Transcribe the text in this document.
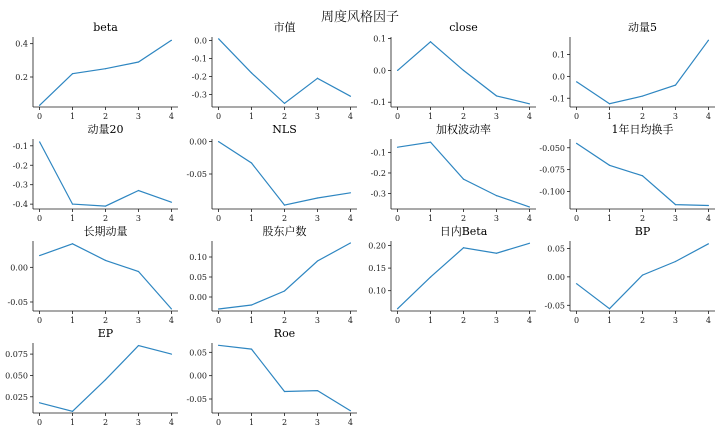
周度风格因子
beta
0	1	2	3	4
0.2
0.4
市值
0	1	2	3	4
0.0
-0.1
-0.2
-0.3
close
0	1	2	3	4
0.1
0.0
-0.1
动量5
0	1	2	3	4
0.1
0.0
-0.1
动量20
0	1	2	3	4
-0.1
-0.2
-0.3
-0.4
NLS
0	1	2	3	4
0.00
-0.05
加权波动率
0	1	2	3	4
-0.1
-0.2
-0.3
1年日均换手
0	1	2	3	4
-0.050
-0.075
-0.100
长期动量
0	1	2	3	4
0.00
-0.05
股东户数
0	1	2	3	4
0.10
0.05
0.00
日内Beta
0	1	2	3	4
0.20
0.15
0.10
BP
0	1	2	3	4
0.05
0.00
-0.05
EP
0	1	2	3	4
0.075
0.050
0.025
Roe
0	1	2	3	4
0.05
0.00
-0.05
